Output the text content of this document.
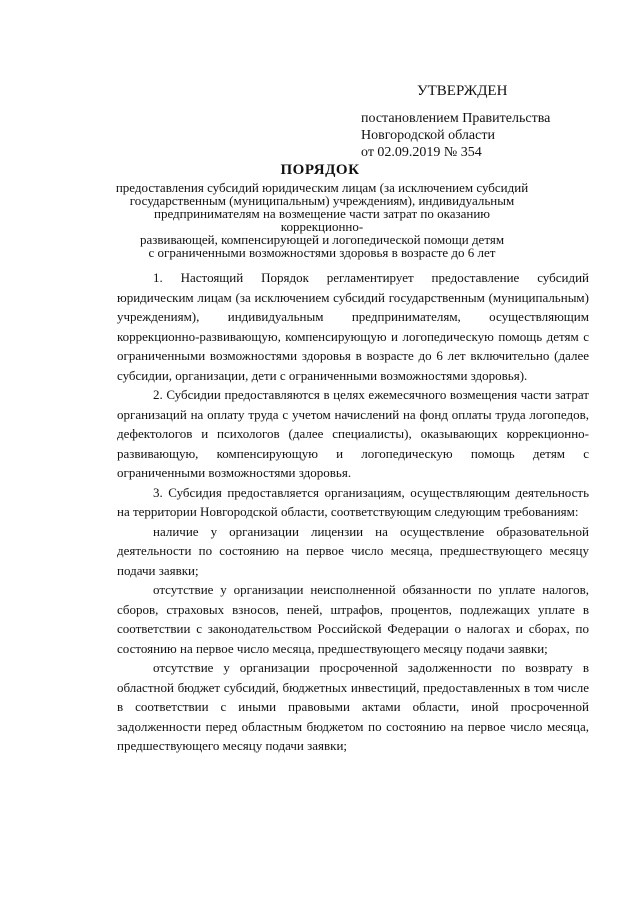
УТВЕРЖДЕН
постановлением Правительства
Новгородской области
от 02.09.2019 № 354
ПОРЯДОК
предоставления субсидий юридическим лицам (за исключением субсидий
государственным (муниципальным) учреждениям), индивидуальным
предпринимателям на возмещение части затрат по оказанию коррекционно-
развивающей, компенсирующей и логопедической помощи детям
с ограниченными возможностями здоровья в возрасте до 6 лет

1. Настоящий Порядок регламентирует предоставление субсидий юридическим лицам (за исключением субсидий государственным (муниципальным) учреждениям), индивидуальным предпринимателям, осуществляющим коррекционно-развивающую, компенсирующую и логопедическую помощь детям с ограниченными возможностями здоровья в возрасте до 6 лет включительно (далее субсидии, организации, дети с ограниченными возможностями здоровья).

2. Субсидии предоставляются в целях ежемесячного возмещения части затрат организаций на оплату труда с учетом начислений на фонд оплаты труда логопедов, дефектологов и психологов (далее специалисты), оказывающих коррекционно-развивающую, компенсирующую и логопедическую помощь детям с ограниченными возможностями здоровья.

3. Субсидия предоставляется организациям, осуществляющим деятельность на территории Новгородской области, соответствующим следующим требованиям:

наличие у организации лицензии на осуществление образовательной деятельности по состоянию на первое число месяца, предшествующего месяцу подачи заявки;

отсутствие у организации неисполненной обязанности по уплате налогов, сборов, страховых взносов, пеней, штрафов, процентов, подлежащих уплате в соответствии с законодательством Российской Федерации о налогах и сборах, по состоянию на первое число месяца, предшествующего месяцу подачи заявки;

отсутствие у организации просроченной задолженности по возврату в областной бюджет субсидий, бюджетных инвестиций, предоставленных в том числе в соответствии с иными правовыми актами области, иной просроченной задолженности перед областным бюджетом по состоянию на первое число месяца, предшествующего месяцу подачи заявки;
